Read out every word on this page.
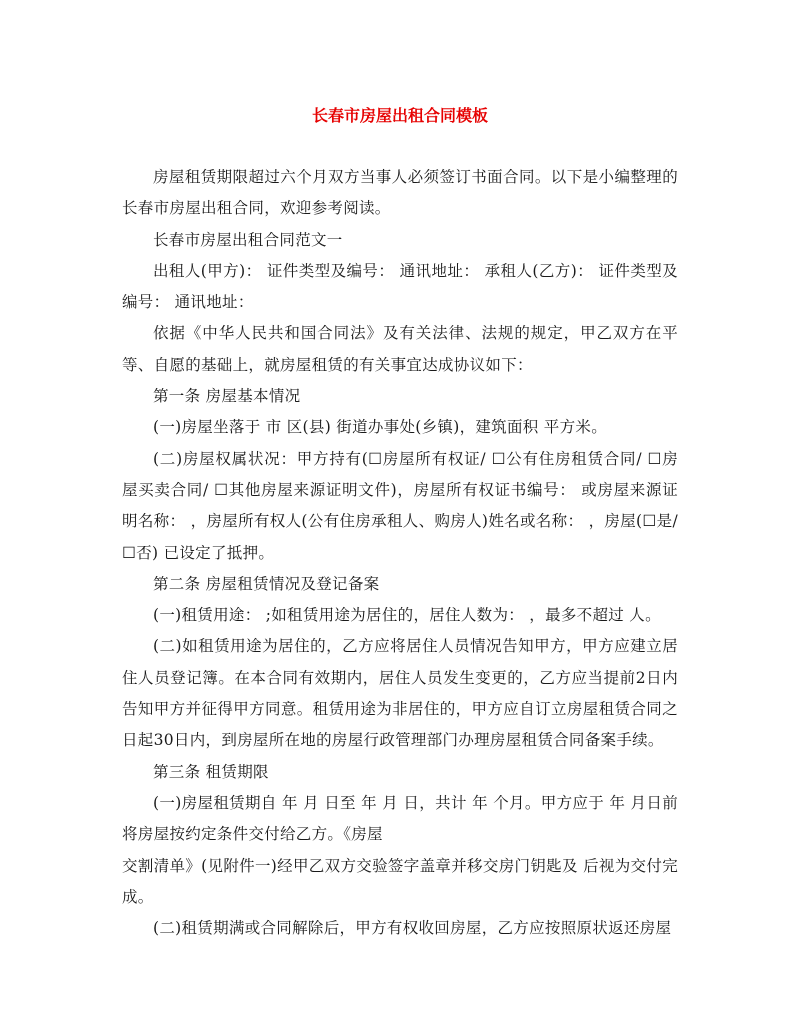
长春市房屋出租合同模板

房屋租赁期限超过六个月双方当事人必须签订书面合同。以下是小编整理的长春市房屋出租合同，欢迎参考阅读。

长春市房屋出租合同范文一

出租人(甲方)： 证件类型及编号： 通讯地址： 承租人(乙方)： 证件类型及编号： 通讯地址：

依据《中华人民共和国合同法》及有关法律、法规的规定，甲乙双方在平等、自愿的基础上，就房屋租赁的有关事宜达成协议如下：

第一条 房屋基本情况

(一)房屋坐落于 市 区(县) 街道办事处(乡镇)，建筑面积 平方米。

(二)房屋权属状况：甲方持有(☐房屋所有权证/ ☐公有住房租赁合同/ ☐房屋买卖合同/ ☐其他房屋来源证明文件)，房屋所有权证书编号： 或房屋来源证明名称： ，房屋所有权人(公有住房承租人、购房人)姓名或名称： ，房屋(☐是/ ☐否) 已设定了抵押。

第二条 房屋租赁情况及登记备案

(一)租赁用途： ;如租赁用途为居住的，居住人数为： ，最多不超过 人。

(二)如租赁用途为居住的，乙方应将居住人员情况告知甲方，甲方应建立居住人员登记簿。在本合同有效期内，居住人员发生变更的，乙方应当提前2日内告知甲方并征得甲方同意。租赁用途为非居住的，甲方应自订立房屋租赁合同之日起30日内，到房屋所在地的房屋行政管理部门办理房屋租赁合同备案手续。

第三条 租赁期限

(一)房屋租赁期自 年 月 日至 年 月 日，共计 年 个月。甲方应于 年 月日前将房屋按约定条件交付给乙方。《房屋

交割清单》(见附件一)经甲乙双方交验签字盖章并移交房门钥匙及 后视为交付完成。

(二)租赁期满或合同解除后，甲方有权收回房屋，乙方应按照原状返还房屋
